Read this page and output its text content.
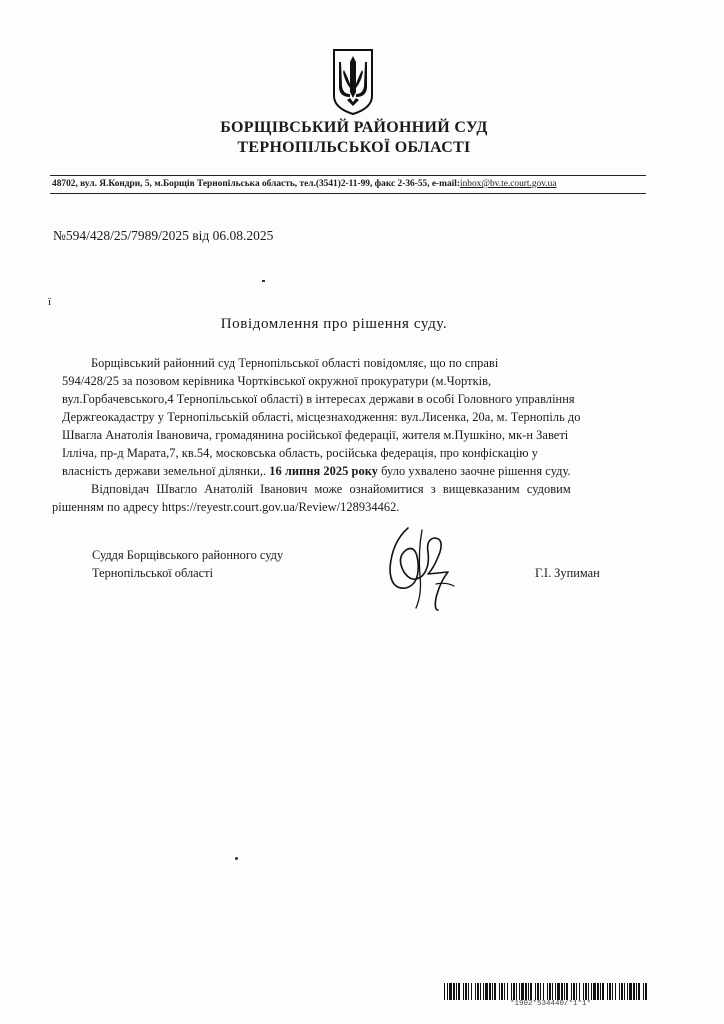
БОРЩІВСЬКИЙ РАЙОННИЙ СУД
ТЕРНОПІЛЬСЬКОЇ ОБЛАСТІ
48702, вул. Я.Кондри, 5, м.Борщів Тернопільська область, тел.(3541)2-11-99, факс 2-36-55, e-mail:inbox@bv.te.court.gov.ua
№594/428/25/7989/2025 від 06.08.2025
ї
Повідомлення про рішення суду.
Борщівський районний суд Тернопільської області повідомляє, що по справі
594/428/25 за позовом керівника Чортківської окружної прокуратури (м.Чортків,
вул.Горбачевського,4 Тернопільської області) в інтересах держави в особі Головного управління
Держгеокадастру у Тернопільській області, місцезнаходження: вул.Лисенка, 20а, м. Тернопіль до
Швагла Анатолія Івановича, громадянина російської федерації, жителя м.Пушкіно, мк-н Заветі
Ілліча, пр-д Марата,7, кв.54, московська область, російська федерація, про конфіскацію у
власність держави земельної ділянки,. 16 липня 2025 року було ухвалено заочне рішення суду.
Відповідач Швагло Анатолій Іванович може ознайомитися з вищевказаним судовим
рішенням по адресу https://reyestr.court.gov.ua/Review/128934462.
Суддя Борщівського районного суду
Тернопільської області	Г.І. Зупиман
*1902*534440/*1*1*
